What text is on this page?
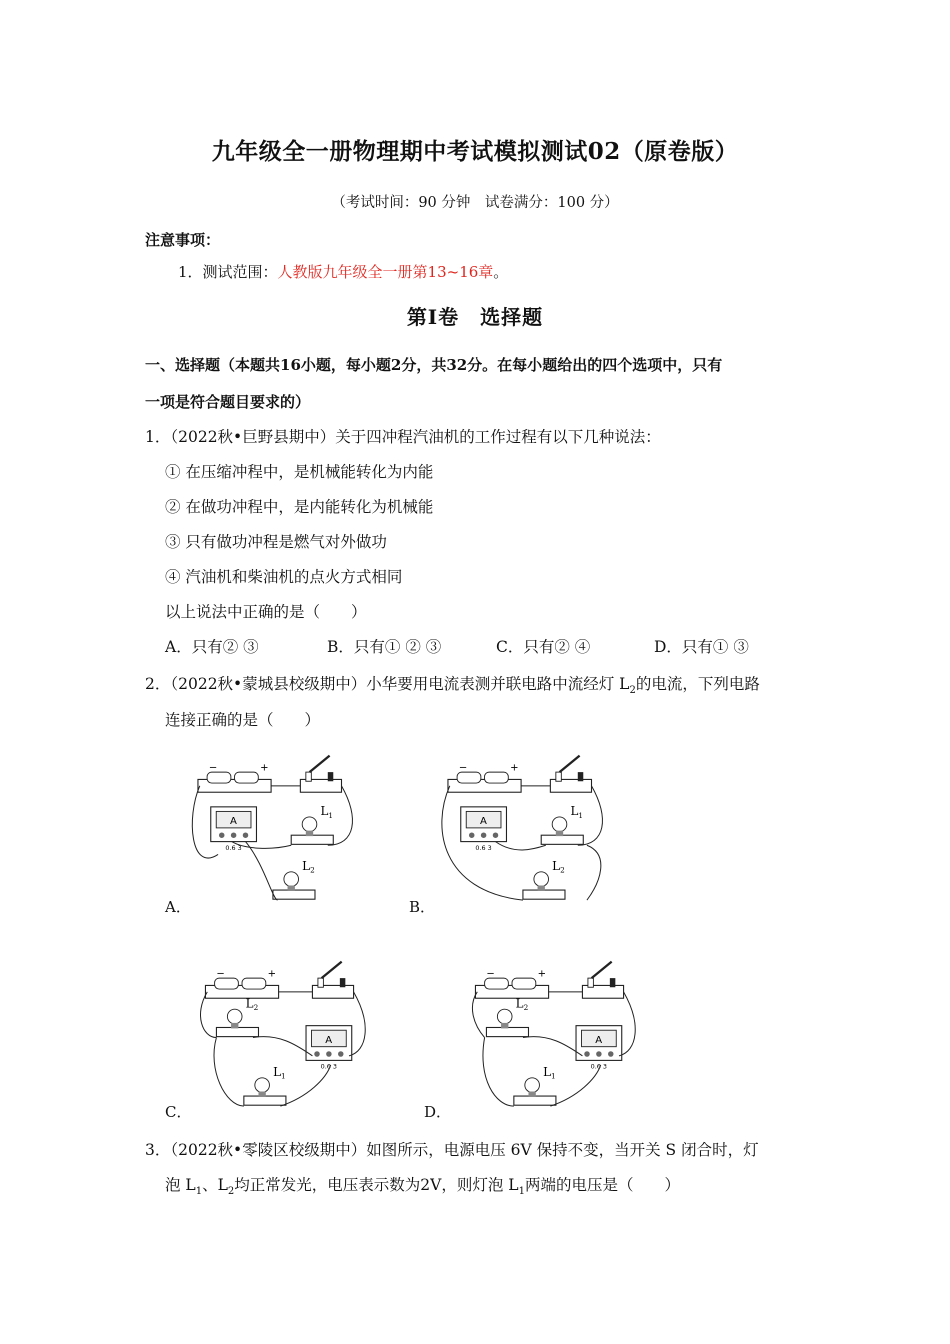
九年级全一册物理期中考试模拟测试02（原卷版）
（考试时间：90 分钟　试卷满分：100 分）
注意事项：
1．测试范围：人教版九年级全一册第13~16章。
第Ⅰ卷　选择题
一、选择题（本题共16小题，每小题2分，共32分。在每小题给出的四个选项中，只有
一项是符合题目要求的）
1．（2022秋•巨野县期中）关于四冲程汽油机的工作过程有以下几种说法：
① 在压缩冲程中，是机械能转化为内能
② 在做功冲程中，是内能转化为机械能
③ 只有做功冲程是燃气对外做功
④ 汽油机和柴油机的点火方式相同
以上说法中正确的是（　　）
A．只有② ③	B．只有① ② ③	C．只有② ④	D．只有① ③
2．（2022秋•蒙城县校级期中）小华要用电流表测并联电路中流经灯 $L_2$的电流，下列电路
连接正确的是（　　）
−	+
A
0.6 3
$L_1$
$L_2$
−	+
A
0.6 3
$L_1$
$L_2$
−	+
$L_2$
A
0.6 3
$L_1$
−	+
$L_2$
A
0.6 3
$L_1$
A．	B．
C．	D．
3．（2022秋•零陵区校级期中）如图所示，电源电压 6V 保持不变，当开关 S 闭合时，灯
泡 $L_1$、$L_2$均正常发光，电压表示数为2V，则灯泡 $L_1$两端的电压是（　　）
